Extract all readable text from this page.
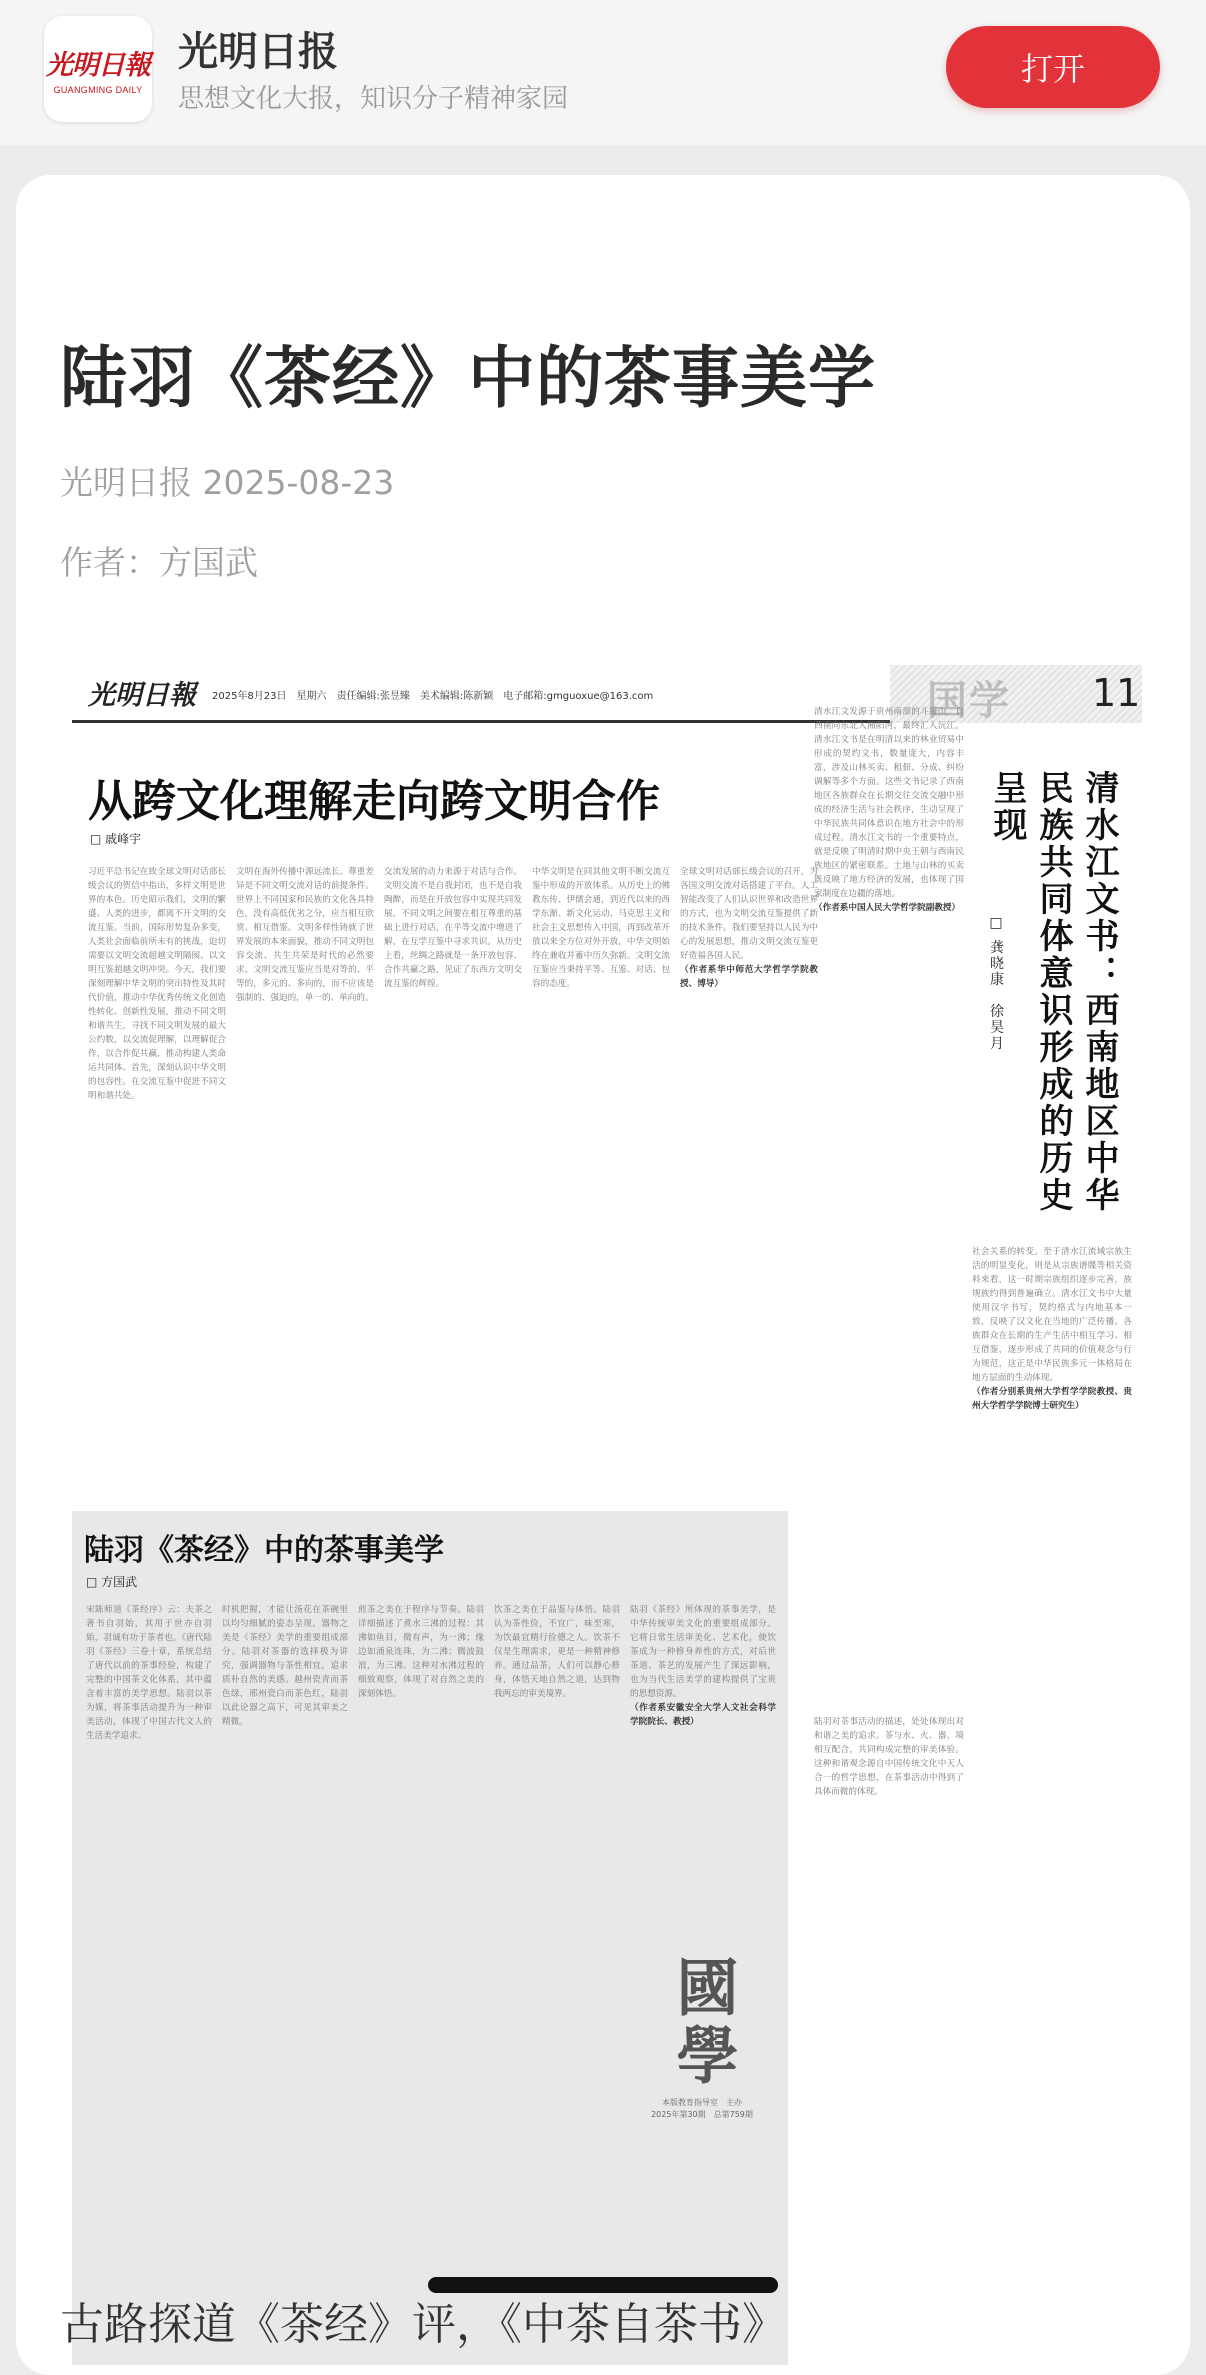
光明日報
GUANGMING DAILY
光明日报
思想文化大报，知识分子精神家园
打开
陆羽《茶经》中的茶事美学
光明日报 2025-08-23
作者：方国武
光明日報 2025年8月23日　星期六　责任编辑:张昱臻　美术编辑:陈新颖　电子邮箱:gmguoxue@163.com	国学 11
从跨文化理解走向跨文明合作
□ 戚峰宇
习近平总书记在致全球文明对话部长级会议的贺信中指出，多样文明是世界的本色。历史昭示我们，文明的繁盛、人类的进步，都离不开文明的交流互鉴。当前，国际形势复杂多变，人类社会面临前所未有的挑战，迫切需要以文明交流超越文明隔阂、以文明互鉴超越文明冲突。今天，我们要深刻理解中华文明的突出特性及其时代价值，推动中华优秀传统文化创造性转化、创新性发展，推动不同文明和谐共生，寻找不同文明发展的最大公约数，以交流促理解，以理解促合作，以合作促共赢，推动构建人类命运共同体。首先，深刻认识中华文明的包容性。在交流互鉴中促进不同文明和谐共处。
文明在海外传播中源远流长。尊重差异是不同文明交流对话的前提条件。世界上不同国家和民族的文化各具特色，没有高低优劣之分，应当相互欣赏、相互借鉴。文明多样性铸就了世界发展的本来面貌，推动不同文明包容交流、共生共荣是时代的必然要求。文明交流互鉴应当是对等的、平等的，多元的、多向的，而不应该是强制的、强迫的，单一的、单向的。
交流发展的动力来源于对话与合作。文明交流不是自我封闭，也不是自我陶醉，而是在开放包容中实现共同发展。不同文明之间要在相互尊重的基础上进行对话，在平等交流中增进了解，在互学互鉴中寻求共识。从历史上看，丝绸之路就是一条开放包容、合作共赢之路，见证了东西方文明交流互鉴的辉煌。
中华文明是在同其他文明不断交流互鉴中形成的开放体系。从历史上的佛教东传、伊儒会通，到近代以来的西学东渐、新文化运动、马克思主义和社会主义思想传入中国，再到改革开放以来全方位对外开放，中华文明始终在兼收并蓄中历久弥新。文明交流互鉴应当秉持平等、互鉴、对话、包容的态度。
全球文明对话部长级会议的召开，为各国文明交流对话搭建了平台。人工智能改变了人们认识世界和改造世界的方式，也为文明交流互鉴提供了新的技术条件。我们要坚持以人民为中心的发展思想，推动文明交流互鉴更好造福各国人民。
（作者系华中师范大学哲学学院教授、博导）	清水江文书：西南地区中华民族共同体意识形成的历史呈现
□ 龚晓康　徐昊月
清水江文发源于贵州南部的斗篷山，自西南向东北入湘阳河，最终汇入沅江。清水江文书是在明清以来的林业贸易中形成的契约文书，数量庞大，内容丰富，涉及山林买卖、租佃、分成、纠纷调解等多个方面。这些文书记录了西南地区各族群众在长期交往交流交融中形成的经济生活与社会秩序，生动呈现了中华民族共同体意识在地方社会中的形成过程。清水江文书的一个重要特点，就是反映了明清时期中央王朝与西南民族地区的紧密联系。土地与山林的买卖既反映了地方经济的发展，也体现了国家制度在边疆的落地。
（作者系中国人民大学哲学院副教授）
社会关系的转变。至于清水江流域宗族生活的明显变化，则是从宗族谱牒等相关资料来看，这一时期宗族组织逐步完善，族规族约得到普遍确立。清水江文书中大量使用汉字书写，契约格式与内地基本一致，反映了汉文化在当地的广泛传播。各族群众在长期的生产生活中相互学习、相互借鉴，逐步形成了共同的价值观念与行为规范，这正是中华民族多元一体格局在地方层面的生动体现。
（作者分别系贵州大学哲学学院教授、贵州大学哲学学院博士研究生）
陆羽《茶经》中的茶事美学
□ 方国武
宋陈师道《茶经序》云：夫茶之著书自羽始，其用于世亦自羽始，羽诚有功于茶者也。《唐代陆羽《茶经》三卷十章，系统总结了唐代以前的茶事经验，构建了完整的中国茶文化体系，其中蕴含着丰富的美学思想。陆羽以茶为媒，将茶事活动提升为一种审美活动，体现了中国古代文人的生活美学追求。
时机把握，才能让汤花在茶碗里以均匀细腻的姿态呈现。器物之美是《茶经》美学的重要组成部分。陆羽对茶器的选择极为讲究，强调器物与茶性相宜，追求质朴自然的美感。越州瓷青而茶色绿，邢州瓷白而茶色红，陆羽以此论器之高下，可见其审美之精微。
煎茶之美在于程序与节奏。陆羽详细描述了煮水三沸的过程：其沸如鱼目，微有声，为一沸；缘边如涌泉连珠，为二沸；腾波鼓浪，为三沸。这种对水沸过程的细致观察，体现了对自然之美的深刻体悟。
饮茶之美在于品鉴与体悟。陆羽认为茶性俭，不宜广，味至寒，为饮最宜精行俭德之人。饮茶不仅是生理需求，更是一种精神修养。通过品茶，人们可以静心修身，体悟天地自然之道，达到物我两忘的审美境界。
陆羽《茶经》所体现的茶事美学，是中华传统审美文化的重要组成部分。它将日常生活审美化、艺术化，使饮茶成为一种修身养性的方式，对后世茶道、茶艺的发展产生了深远影响，也为当代生活美学的建构提供了宝贵的思想资源。
（作者系安徽安全大学人文社会科学学院院长、教授）	陆羽对茶事活动的描述，处处体现出对和谐之美的追求。茶与水、火、器、境相互配合，共同构成完整的审美体验。这种和谐观念源自中国传统文化中天人合一的哲学思想，在茶事活动中得到了具体而微的体现。
國學
本版教育指导室　主办
2025年第30期　总第759期
古路探道《茶经》评，《中茶自茶书》
